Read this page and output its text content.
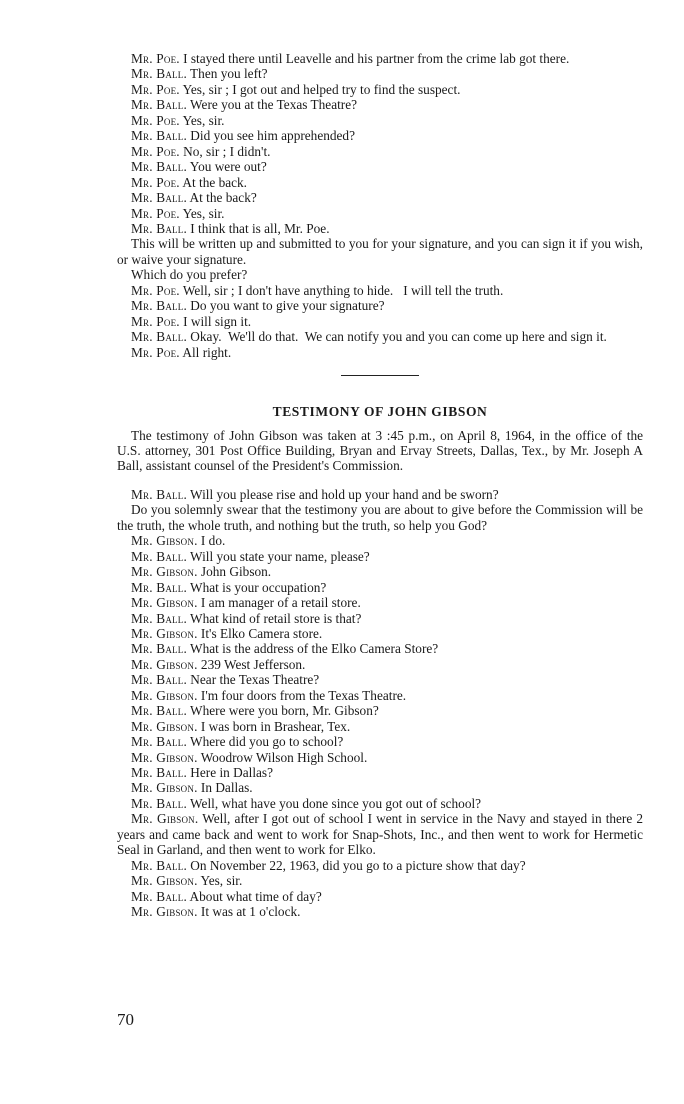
Mr. Poe. I stayed there until Leavelle and his partner from the crime lab got there.

Mr. Ball. Then you left?

Mr. Poe. Yes, sir ; I got out and helped try to find the suspect.

Mr. Ball. Were you at the Texas Theatre?

Mr. Poe. Yes, sir.

Mr. Ball. Did you see him apprehended?

Mr. Poe. No, sir ; I didn't.

Mr. Ball. You were out?

Mr. Poe. At the back.

Mr. Ball. At the back?

Mr. Poe. Yes, sir.

Mr. Ball. I think that is all, Mr. Poe.

This will be written up and submitted to you for your signature, and you can sign it if you wish, or waive your signature.

Which do you prefer?

Mr. Poe. Well, sir ; I don't have anything to hide.   I will tell the truth.

Mr. Ball. Do you want to give your signature?

Mr. Poe. I will sign it.

Mr. Ball. Okay.  We'll do that.  We can notify you and you can come up here and sign it.

Mr. Poe. All right.

TESTIMONY OF JOHN GIBSON

The testimony of John Gibson was taken at 3 :45 p.m., on April 8, 1964, in the office of the U.S. attorney, 301 Post Office Building, Bryan and Ervay Streets, Dallas, Tex., by Mr. Joseph A Ball, assistant counsel of the President's Commission.

Mr. Ball. Will you please rise and hold up your hand and be sworn?

Do you solemnly swear that the testimony you are about to give before the Commission will be the truth, the whole truth, and nothing but the truth, so help you God?

Mr. Gibson. I do.

Mr. Ball. Will you state your name, please?

Mr. Gibson. John Gibson.

Mr. Ball. What is your occupation?

Mr. Gibson. I am manager of a retail store.

Mr. Ball. What kind of retail store is that?

Mr. Gibson. It's Elko Camera store.

Mr. Ball. What is the address of the Elko Camera Store?

Mr. Gibson. 239 West Jefferson.

Mr. Ball. Near the Texas Theatre?

Mr. Gibson. I'm four doors from the Texas Theatre.

Mr. Ball. Where were you born, Mr. Gibson?

Mr. Gibson. I was born in Brashear, Tex.

Mr. Ball. Where did you go to school?

Mr. Gibson. Woodrow Wilson High School.

Mr. Ball. Here in Dallas?

Mr. Gibson. In Dallas.

Mr. Ball. Well, what have you done since you got out of school?

Mr. Gibson. Well, after I got out of school I went in service in the Navy and stayed in there 2 years and came back and went to work for Snap-Shots, Inc., and then went to work for Hermetic Seal in Garland, and then went to work for Elko.

Mr. Ball. On November 22, 1963, did you go to a picture show that day?

Mr. Gibson. Yes, sir.

Mr. Ball. About what time of day?

Mr. Gibson. It was at 1 o'clock.

70
